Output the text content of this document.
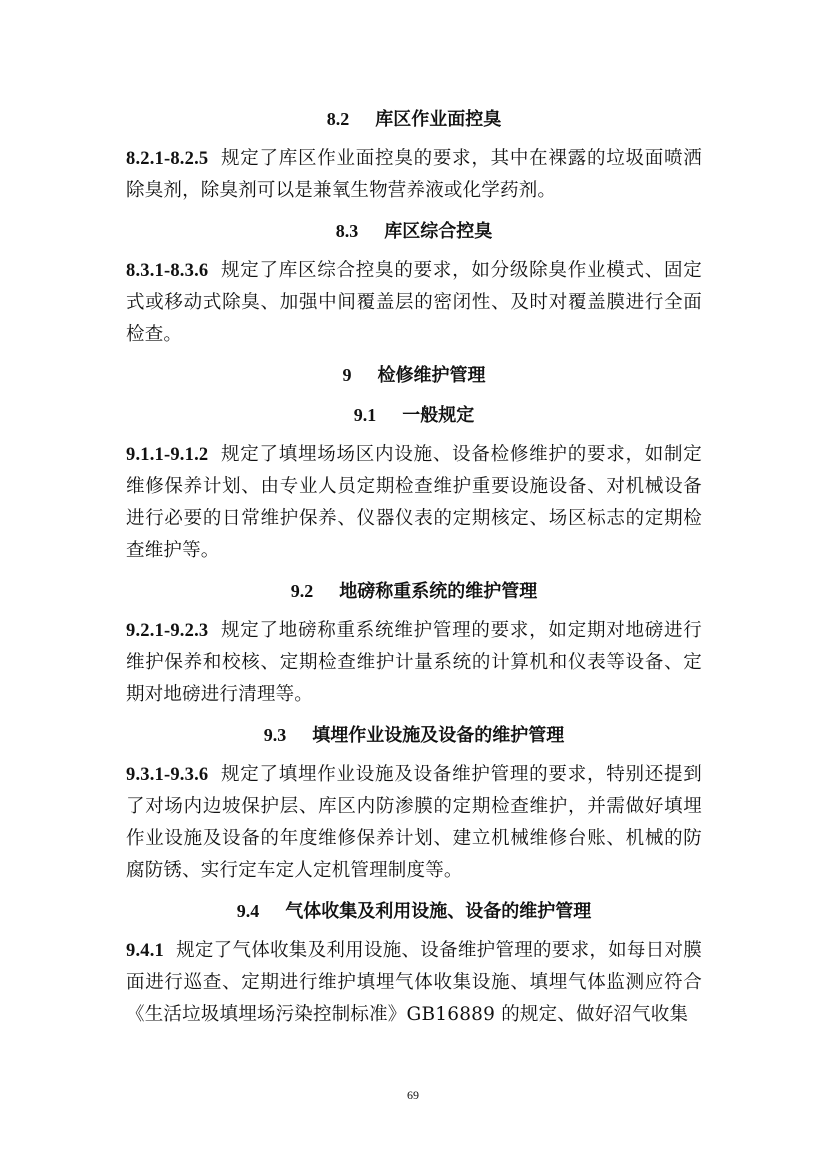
8.2 库区作业面控臭
8.2.1-8.2.5 规定了库区作业面控臭的要求，其中在裸露的垃圾面喷洒除臭剂，除臭剂可以是兼氧生物营养液或化学药剂。
8.3 库区综合控臭
8.3.1-8.3.6 规定了库区综合控臭的要求，如分级除臭作业模式、固定式或移动式除臭、加强中间覆盖层的密闭性、及时对覆盖膜进行全面检查。
9 检修维护管理
9.1 一般规定
9.1.1-9.1.2 规定了填埋场场区内设施、设备检修维护的要求，如制定维修保养计划、由专业人员定期检查维护重要设施设备、对机械设备进行必要的日常维护保养、仪器仪表的定期核定、场区标志的定期检查维护等。
9.2 地磅称重系统的维护管理
9.2.1-9.2.3 规定了地磅称重系统维护管理的要求，如定期对地磅进行维护保养和校核、定期检查维护计量系统的计算机和仪表等设备、定期对地磅进行清理等。
9.3 填埋作业设施及设备的维护管理
9.3.1-9.3.6 规定了填埋作业设施及设备维护管理的要求，特别还提到了对场内边坡保护层、库区内防渗膜的定期检查维护，并需做好填埋作业设施及设备的年度维修保养计划、建立机械维修台账、机械的防腐防锈、实行定车定人定机管理制度等。
9.4 气体收集及利用设施、设备的维护管理
9.4.1 规定了气体收集及利用设施、设备维护管理的要求，如每日对膜面进行巡查、定期进行维护填埋气体收集设施、填埋气体监测应符合《生活垃圾填埋场污染控制标准》GB16889 的规定、做好沼气收集
69
